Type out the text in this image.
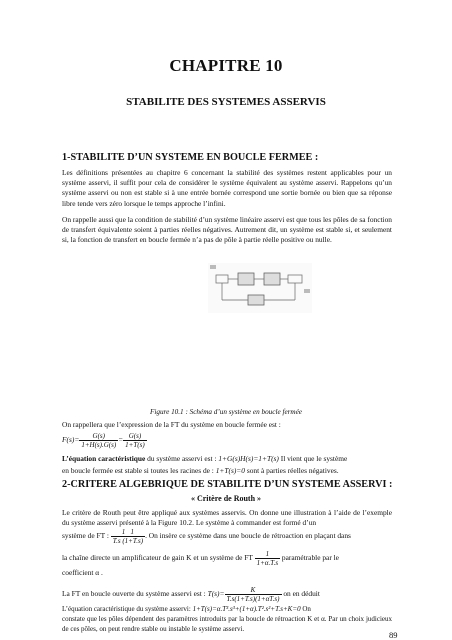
CHAPITRE 10
STABILITE DES SYSTEMES ASSERVIS
1-STABILITE D’UN SYSTEME EN BOUCLE FERMEE :
Les définitions présentées au chapitre 6 concernant la stabilité des systèmes restent applicables pour un système asservi, il suffit pour cela de considérer le système équivalent au système asservi. Rappelons qu’un système asservi ou non est stable si à une entrée bornée correspond une sortie bornée ou bien que sa réponse libre tende vers zéro lorsque le temps approche l’infini.
On rappelle aussi que la condition de stabilité d’un système linéaire asservi est que tous les pôles de sa fonction de transfert équivalente soient à parties réelles négatives. Autrement dit, un système est stable si, et seulement si, la fonction de transfert en boucle fermée n’a pas de pôle à partie réelle positive ou nulle.
Figure 10.1 : Schéma d’un système en boucle fermée
On rappellera que l’expression de la FT du système en boucle fermée est :
$F(s)= \frac{G(s)}{1+H(s).G(s)} = \frac{G(s)}{1+T(s)}$
L’équation caractéristique du système asservi est : 1+G(s)H(s)=1+T(s) Il vient que le système
en boucle fermée est stable si toutes les racines de : 1+T(s)=0 sont à parties réelles négatives.
2-CRITERE ALGEBRIQUE DE STABILITE D’UN SYSTEME ASSERVI :
« Critère de Routh »
Le critère de Routh peut être appliqué aux systèmes asservis. On donne une illustration à l’aide de l’exemple du système asservi présenté à la Figure 10.2. Le système à commander est formé d’un
système de FT : $\frac{1 1}{T.s (1+T.s)}$ . On insère ce système dans une boucle de rétroaction en plaçant dans
la chaîne directe un amplificateur de gain K et un système de FT $\frac{1}{1+\alpha.T.s}$ paramétrable par le
coefficient α .
La FT en boucle ouverte du système asservi est : $T(s)= \frac{K}{T.s(1+T.s)(1+\alpha T.s)}$ on en déduit
L’équation caractéristique du système asservi: 1+T(s)=α.T³.s³+(1+α).T².s²+T.s+K=0 On
constate que les pôles dépendent des paramètres introduits par la boucle de rétroaction K et α. Par un choix judicieux de ces pôles, on peut rendre stable ou instable le système asservi.
89
